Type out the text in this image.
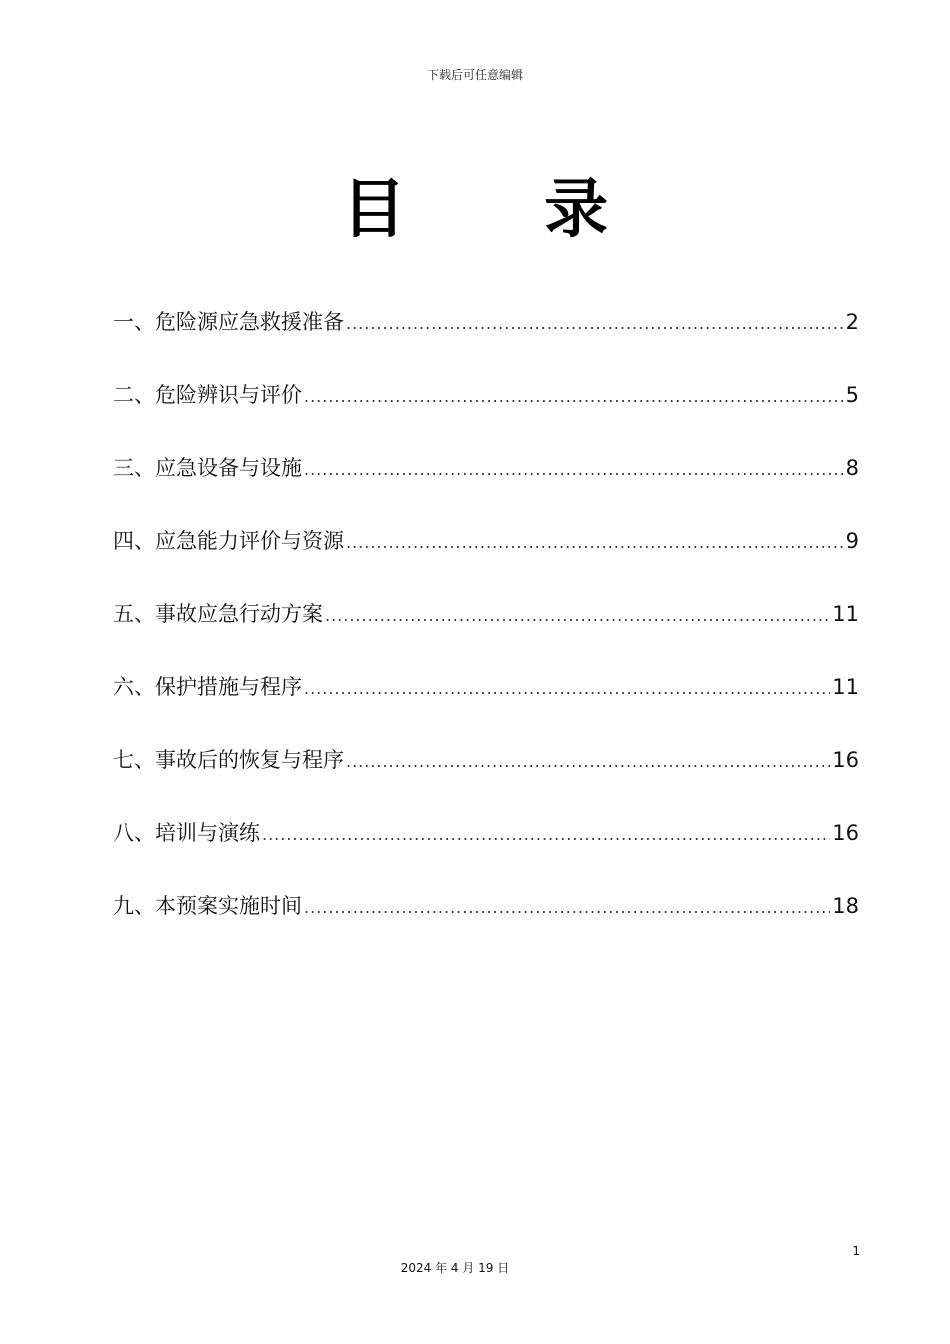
下载后可任意编辑
目 录
一、危险源应急救援准备 .....	2
二、危险辨识与评价 .....	5
三、应急设备与设施 .....	8
四、应急能力评价与资源 .....	9
五、事故应急行动方案 .....	11
六、保护措施与程序 .....	11
七、事故后的恢复与程序 .....	16
八、培训与演练 .....	16
九、本预案实施时间 .....	18
1
2024 年 4 月 19 日
